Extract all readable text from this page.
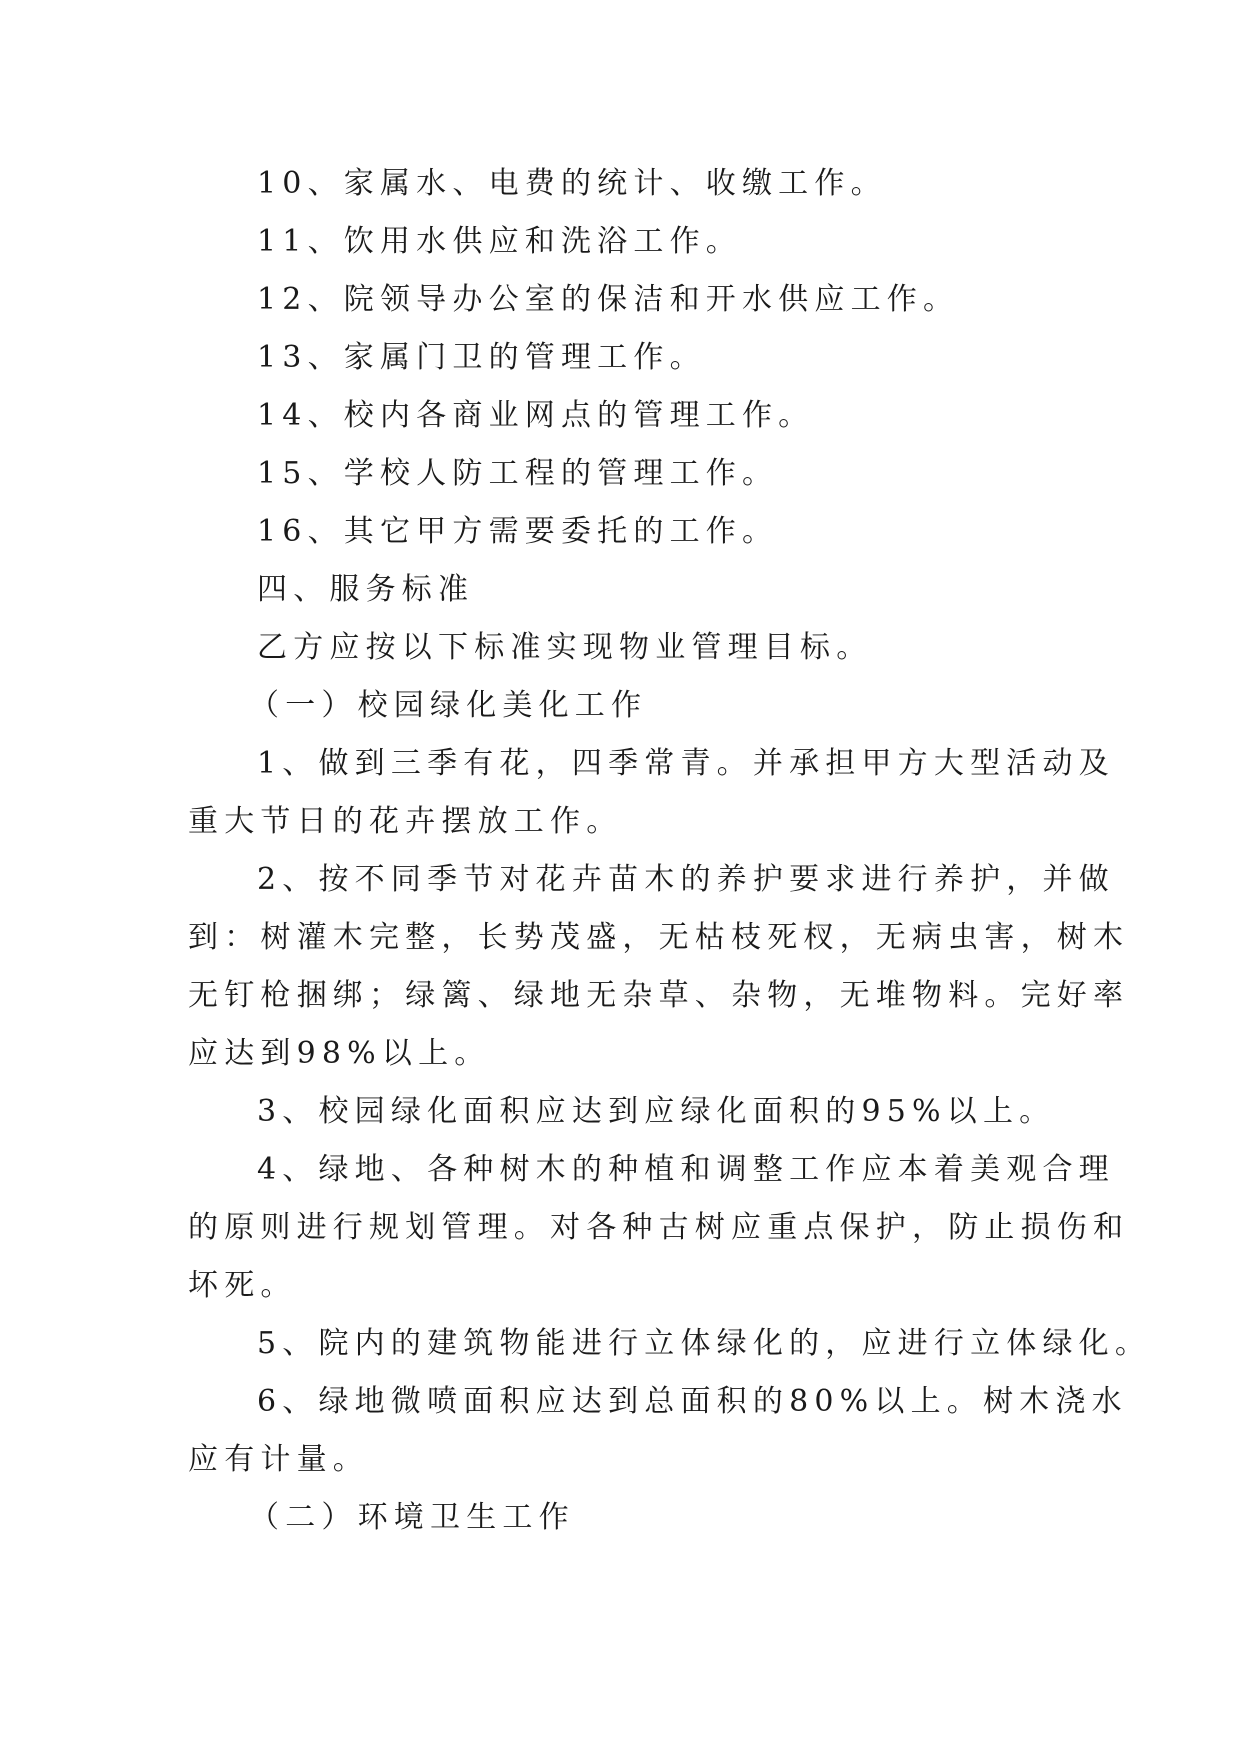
10、家属水、电费的统计、收缴工作。
11、饮用水供应和洗浴工作。
12、院领导办公室的保洁和开水供应工作。
13、家属门卫的管理工作。
14、校内各商业网点的管理工作。
15、学校人防工程的管理工作。
16、其它甲方需要委托的工作。
四、服务标准
乙方应按以下标准实现物业管理目标。
（一）校园绿化美化工作
1、做到三季有花，四季常青。并承担甲方大型活动及
重大节日的花卉摆放工作。
2、按不同季节对花卉苗木的养护要求进行养护，并做
到：树灌木完整，长势茂盛，无枯枝死杈，无病虫害，树木
无钉枪捆绑；绿篱、绿地无杂草、杂物，无堆物料。完好率
应达到98%以上。
3、校园绿化面积应达到应绿化面积的95%以上。
4、绿地、各种树木的种植和调整工作应本着美观合理
的原则进行规划管理。对各种古树应重点保护，防止损伤和
坏死。
5、院内的建筑物能进行立体绿化的，应进行立体绿化。
6、绿地微喷面积应达到总面积的80%以上。树木浇水
应有计量。
（二）环境卫生工作
